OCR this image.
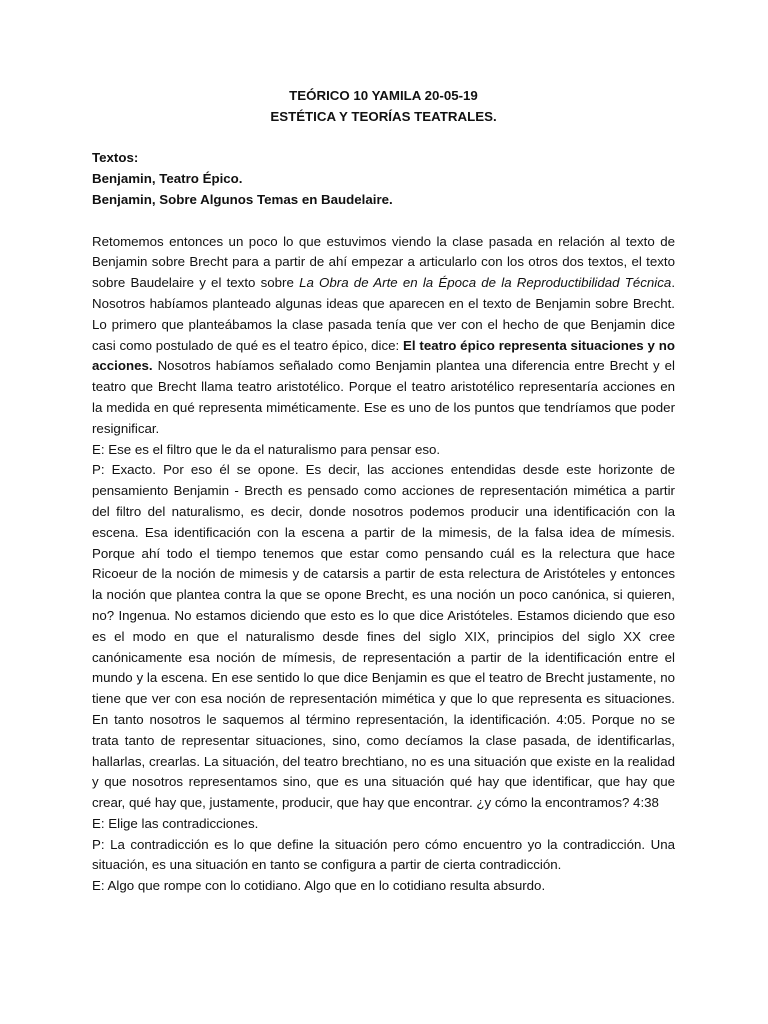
TEÓRICO 10 YAMILA 20-05-19
ESTÉTICA Y TEORÍAS TEATRALES.
Textos:
Benjamin, Teatro Épico.
Benjamin, Sobre Algunos Temas en Baudelaire.

Retomemos entonces un poco lo que estuvimos viendo la clase pasada en relación al texto de Benjamin sobre Brecht para a partir de ahí empezar a articularlo con los otros dos textos, el texto sobre Baudelaire y el texto sobre La Obra de Arte en la Época de la Reproductibilidad Técnica. Nosotros habíamos planteado algunas ideas que aparecen en el texto de Benjamin sobre Brecht. Lo primero que planteábamos la clase pasada tenía que ver con el hecho de que Benjamin dice casi como postulado de qué es el teatro épico, dice: El teatro épico representa situaciones y no acciones. Nosotros habíamos señalado como Benjamin plantea una diferencia entre Brecht y el teatro que Brecht llama teatro aristotélico. Porque el teatro aristotélico representaría acciones en la medida en qué representa miméticamente. Ese es uno de los puntos que tendríamos que poder resignificar.

E: Ese es el filtro que le da el naturalismo para pensar eso.

P: Exacto. Por eso él se opone. Es decir, las acciones entendidas desde este horizonte de pensamiento Benjamin - Brecth es pensado como acciones de representación mimética a partir del filtro del naturalismo, es decir, donde nosotros podemos producir una identificación con la escena. Esa identificación con la escena a partir de la mimesis, de la falsa idea de mímesis. Porque ahí todo el tiempo tenemos que estar como pensando cuál es la relectura que hace Ricoeur de la noción de mimesis y de catarsis a partir de esta relectura de Aristóteles y entonces la noción que plantea contra la que se opone Brecht, es una noción un poco canónica, si quieren, no? Ingenua. No estamos diciendo que esto es lo que dice Aristóteles. Estamos diciendo que eso es el modo en que el naturalismo desde fines del siglo XIX, principios del siglo XX cree canónicamente esa noción de mímesis, de representación a partir de la identificación entre el mundo y la escena. En ese sentido lo que dice Benjamin es que el teatro de Brecht justamente, no tiene que ver con esa noción de representación mimética y que lo que representa es situaciones. En tanto nosotros le saquemos al término representación, la identificación. 4:05. Porque no se trata tanto de representar situaciones, sino, como decíamos la clase pasada, de identificarlas, hallarlas, crearlas. La situación, del teatro brechtiano, no es una situación que existe en la realidad y que nosotros representamos sino, que es una situación qué hay que identificar, que hay que crear, qué hay que, justamente, producir, que hay que encontrar. ¿y cómo la encontramos? 4:38

E: Elige las contradicciones.

P: La contradicción es lo que define la situación pero cómo encuentro yo la contradicción. Una situación, es una situación en tanto se configura a partir de cierta contradicción.

E: Algo que rompe con lo cotidiano. Algo que en lo cotidiano resulta absurdo.
